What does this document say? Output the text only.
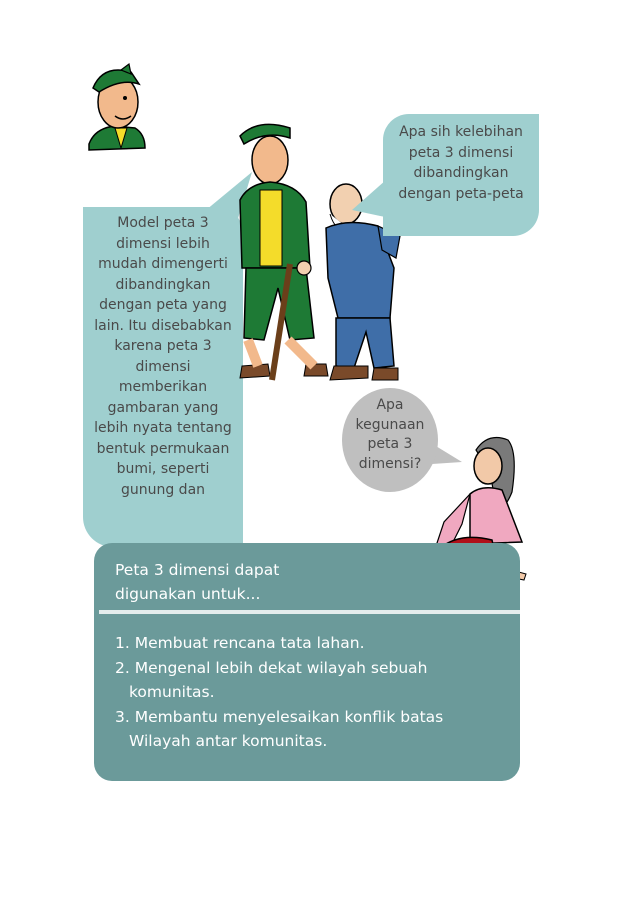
Model peta 3
dimensi lebih
mudah dimengerti
dibandingkan
dengan peta yang
lain. Itu disebabkan
karena peta 3
dimensi
memberikan
gambaran yang
lebih nyata tentang
bentuk permukaan
bumi, seperti
gunung dan
Apa sih kelebihan
peta 3 dimensi
dibandingkan
dengan peta-peta
Apa
kegunaan
peta 3
dimensi?
Peta 3 dimensi dapat
digunakan untuk...
1. Membuat rencana tata lahan.
2. Mengenal lebih dekat wilayah sebuah
komunitas.
3. Membantu menyelesaikan konflik batas
Wilayah antar komunitas.
